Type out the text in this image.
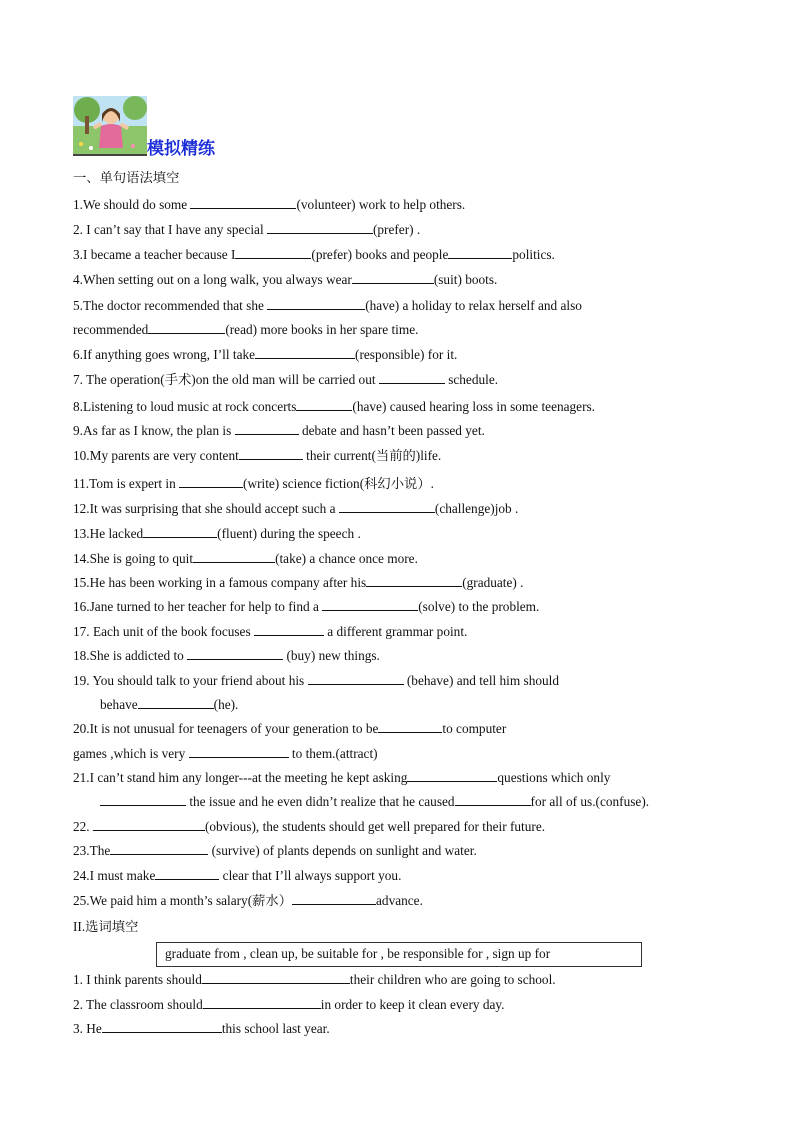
模拟精练
一、单句语法填空
1.We should do some	(volunteer) work to help others.
2. I can’t say that I have any special	(prefer) .
3.I became a teacher because I	(prefer) books and people	politics.
4.When setting out on a long walk, you always wear	(suit) boots.
5.The doctor recommended that she	(have) a holiday to relax herself and also
recommended	(read) more books in her spare time.
6.If anything goes wrong, I’ll take	(responsible) for it.
7. The operation(手术)on the old man will be carried out	schedule.
8.Listening to loud music at rock concerts	(have) caused hearing loss in some teenagers.
9.As far as I know, the plan is	debate and hasn’t been passed yet.
10.My parents are very content	their current(当前的)life.
11.Tom is expert in	(write) science fiction(科幻小说）.
12.It was surprising that she should accept such a	(challenge)job .
13.He lacked	(fluent) during the speech .
14.She is going to quit	(take) a chance once more.
15.He has been working in a famous company after his	(graduate) .
16.Jane turned to her teacher for help to find a	(solve) to the problem.
17. Each unit of the book focuses	a different grammar point.
18.She is addicted to	(buy) new things.
19. You should talk to your friend about his	(behave) and tell him should
behave	(he).
20.It is not unusual for teenagers of your generation to be	to computer
games ,which is very	to them.(attract)
21.I can’t stand him any longer---at the meeting he kept asking	questions which only
the issue and he even didn’t realize that he caused	for all of us.(confuse).
22.	(obvious), the students should get well prepared for their future.
23.The	(survive) of plants depends on sunlight and water.
24.I must make	clear that I’ll always support you.
25.We paid him a month’s salary(薪水）	advance.
II.选词填空
graduate from , clean up, be suitable for , be responsible for , sign up for
1. I think parents should	their children who are going to school.
2. The classroom should	in order to keep it clean every day.
3. He	this school last year.
